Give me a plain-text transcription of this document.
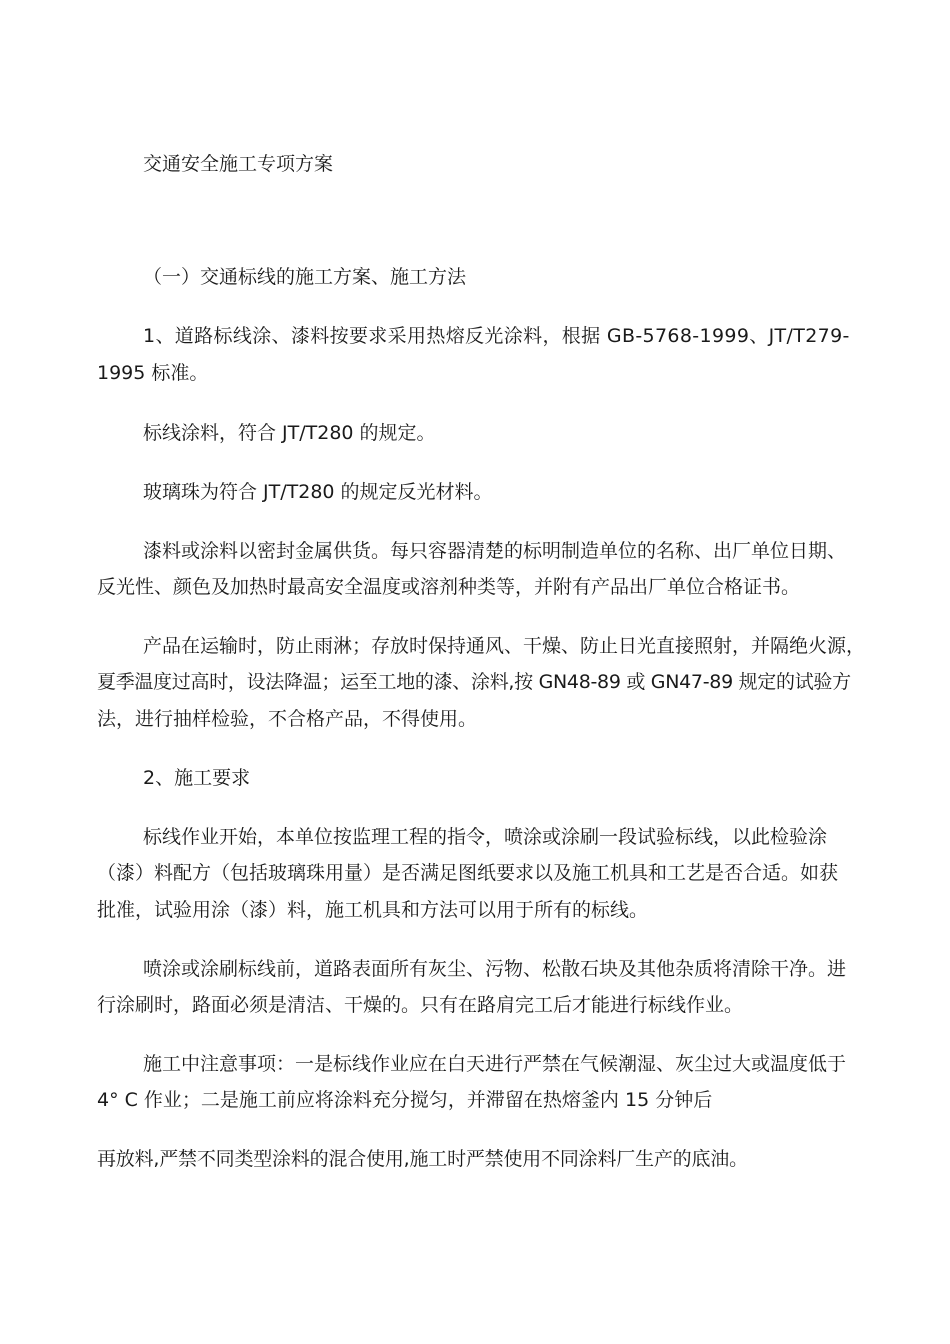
交通安全施工专项方案
（一）交通标线的施工方案、施工方法
1、道路标线涂、漆料按要求采用热熔反光涂料，根据 GB-5768-1999、JT/T279-
1995 标准。
标线涂料，符合 JT/T280 的规定。
玻璃珠为符合 JT/T280 的规定反光材料。
漆料或涂料以密封金属供货。每只容器清楚的标明制造单位的名称、出厂单位日期、
反光性、颜色及加热时最高安全温度或溶剂种类等，并附有产品出厂单位合格证书。
产品在运输时，防止雨淋；存放时保持通风、干燥、防止日光直接照射，并隔绝火源，
夏季温度过高时，设法降温；运至工地的漆、涂料,按 GN48-89 或 GN47-89 规定的试验方
法，进行抽样检验，不合格产品，不得使用。
2、施工要求
标线作业开始，本单位按监理工程的指令，喷涂或涂刷一段试验标线，以此检验涂
（漆）料配方（包括玻璃珠用量）是否满足图纸要求以及施工机具和工艺是否合适。如获
批准，试验用涂（漆）料，施工机具和方法可以用于所有的标线。
喷涂或涂刷标线前，道路表面所有灰尘、污物、松散石块及其他杂质将清除干净。进
行涂刷时，路面必须是清洁、干燥的。只有在路肩完工后才能进行标线作业。
施工中注意事项：一是标线作业应在白天进行严禁在气候潮湿、灰尘过大或温度低于
4° C 作业；二是施工前应将涂料充分搅匀，并滞留在热熔釜内 15 分钟后
再放料,严禁不同类型涂料的混合使用,施工时严禁使用不同涂料厂生产的底油。
